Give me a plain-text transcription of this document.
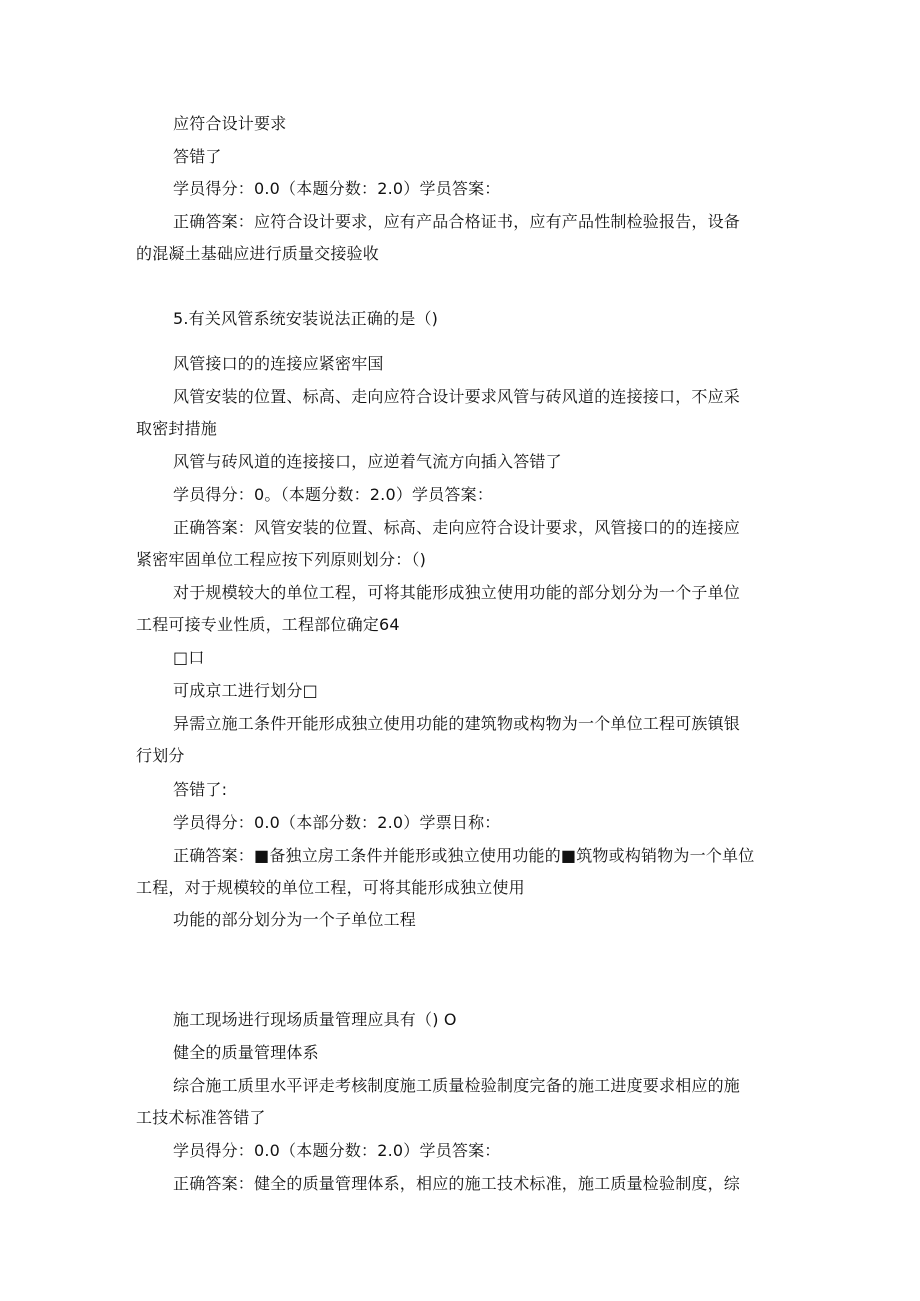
应符合设计要求
答错了
学员得分：0.0（本题分数：2.0）学员答案：
正确答案：应符合设计要求，应有产品合格证书，应有产品性制检验报告，设备
的混凝土基础应进行质量交接验收
5.有关风管系统安装说法正确的是（)
风管接口的的连接应紧密牢国
风管安装的位置、标高、走向应符合设计要求风管与砖风道的连接接口，不应采
取密封措施
风管与砖风道的连接接口，应逆着气流方向插入答错了
学员得分：0。（本题分数：2.0）学员答案：
正确答案：风管安装的位置、标高、走向应符合设计要求，风管接口的的连接应
紧密牢固单位工程应按下列原则划分：（)
对于规模较大的单位工程，可将其能形成独立使用功能的部分划分为一个子单位
工程可接专业性质，工程部位确定64
□口
可成京工进行划分□
异需立施工条件开能形成独立使用功能的建筑物或构物为一个单位工程可族镇银
行划分
答错了:
学员得分：0.0（本部分数：2.0）学票日称：
正确答案：■备独立房工条件并能形或独立使用功能的■筑物或构销物为一个单位
工程，对于规模较的单位工程，可将其能形成独立使用
功能的部分划分为一个子单位工程
施工现场进行现场质量管理应具有（) O
健全的质量管理体系
综合施工质里水平评走考核制度施工质量检验制度完备的施工进度要求相应的施
工技术标准答错了
学员得分：0.0（本题分数：2.0）学员答案：
正确答案：健全的质量管理体系，相应的施工技术标准，施工质量检验制度，综
